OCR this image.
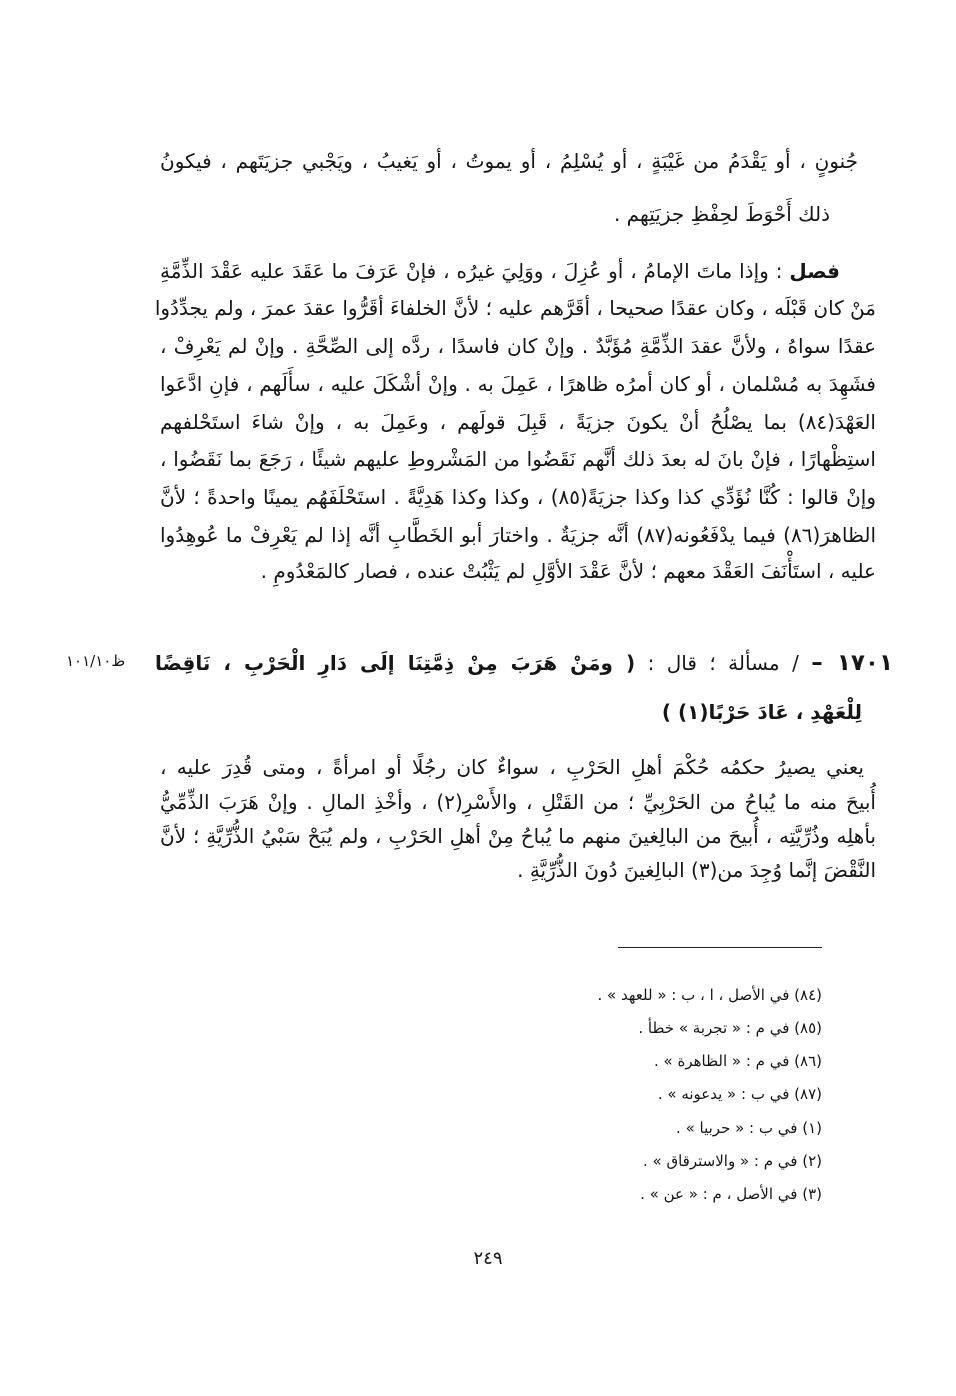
جُنونٍ ، أو يَقْدَمُ من غَيْبَةٍ ، أو يُسْلِمُ ، أو يموتُ ، أو يَغيبُ ، ويَجْبي جزيَتَهم ، فيكونُ
ذلك أَحْوَطَ لحِفْظِ جزيَتِهم .
فصل : وإذا ماتَ الإمامُ ، أو عُزِلَ ، ووَلِيَ غيرُه ، فإنْ عَرَفَ ما عَقَدَ عليه عَقْدَ الذِّمَّةِ
مَنْ كان قَبْلَه ، وكان عقدًا صحيحا ، أقَرَّهم عليه ؛ لأنَّ الخلفاءَ أقَرُّوا عقدَ عمرَ ، ولم يجدِّدُوا
عقدًا سواهُ ، ولأنَّ عقدَ الذِّمَّةِ مُؤَبَّدٌ . وإنْ كان فاسدًا ، ردَّه إلى الصِّحَّةِ . وإنْ لم يَعْرِفْ ،
فشَهِدَ به مُسْلمان ، أو كان أمرُه ظاهرًا ، عَمِلَ به . وإنْ أشْكَلَ عليه ، سأَلَهم ، فإنِ ادَّعَوا
العَهْدَ(٨٤) بما يصْلُحُ أنْ يكونَ جزيَةً ، قَبِلَ قولَهم ، وعَمِلَ به ، وإنْ شاءَ استَحْلفهم
استِظْهارًا ، فإنْ بانَ له بعدَ ذلك أنَّهم نَقَضُوا من المَشْروطِ عليهم شيئًا ، رَجَعَ بما نَقَضُوا ،
وإنْ قالوا : كُنَّا نُؤَدِّي كذا وكذا جزيَةً(٨٥) ، وكذا وكذا هَدِيَّةً . استَحْلَفَهُم يمينًا واحدةً ؛ لأنَّ
الظاهرَ(٨٦) فيما يدْفَعُونه(٨٧) أنَّه جزيَةٌ . واختارَ أبو الخَطَّابِ أنَّه إذا لم يَعْرِفْ ما عُوهِدُوا
عليه ، استَأْنَفَ العَقْدَ معهم ؛ لأنَّ عَقْدَ الأوَّلِ لم يَثْبُتْ عنده ، فصار كالمَعْدُومِ .
١٠١/١٠ظ	١٧٠١ – / مسألة ؛ قال : ( ومَنْ هَرَبَ مِنْ ذِمَّتِنَا إلَى دَارِ الْحَرْبِ ، نَاقِضًا
لِلْعَهْدِ ، عَادَ حَرْبًا(١) )
يعني يصيرُ حكمُه حُكْمَ أهلِ الحَرْبِ ، سواءٌ كان رجُلًا أو امرأةً ، ومتى قُدِرَ عليه ،
أُبيحَ منه ما يُباحُ من الحَرْبِيِّ ؛ من القَتْلِ ، والأَسْرِ(٢) ، وأخْذِ المالِ . وإنْ هَرَبَ الذِّمِّيُّ
بأهلِه وذُرِّيَّتِه ، أُبيحَ من البالِغينَ منهم ما يُباحُ مِنْ أهلِ الحَرْبِ ، ولم يُبَحْ سَبْيُ الذُّرِّيَّةِ ؛ لأنَّ
النَّقْضَ إنَّما وُجِدَ من(٣) البالِغينَ دُونَ الذُّرِّيَّةِ .
(٨٤) في الأصل ، ا ، ب : « للعهد » .
(٨٥) في م : « تجربة » خطأ .
(٨٦) في م : « الظاهرة » .
(٨٧) في ب : « يدعونه » .
(١) في ب : « حربيا » .
(٢) في م : « والاسترقاق » .
(٣) في الأصل ، م : « عن » .
٢٤٩
